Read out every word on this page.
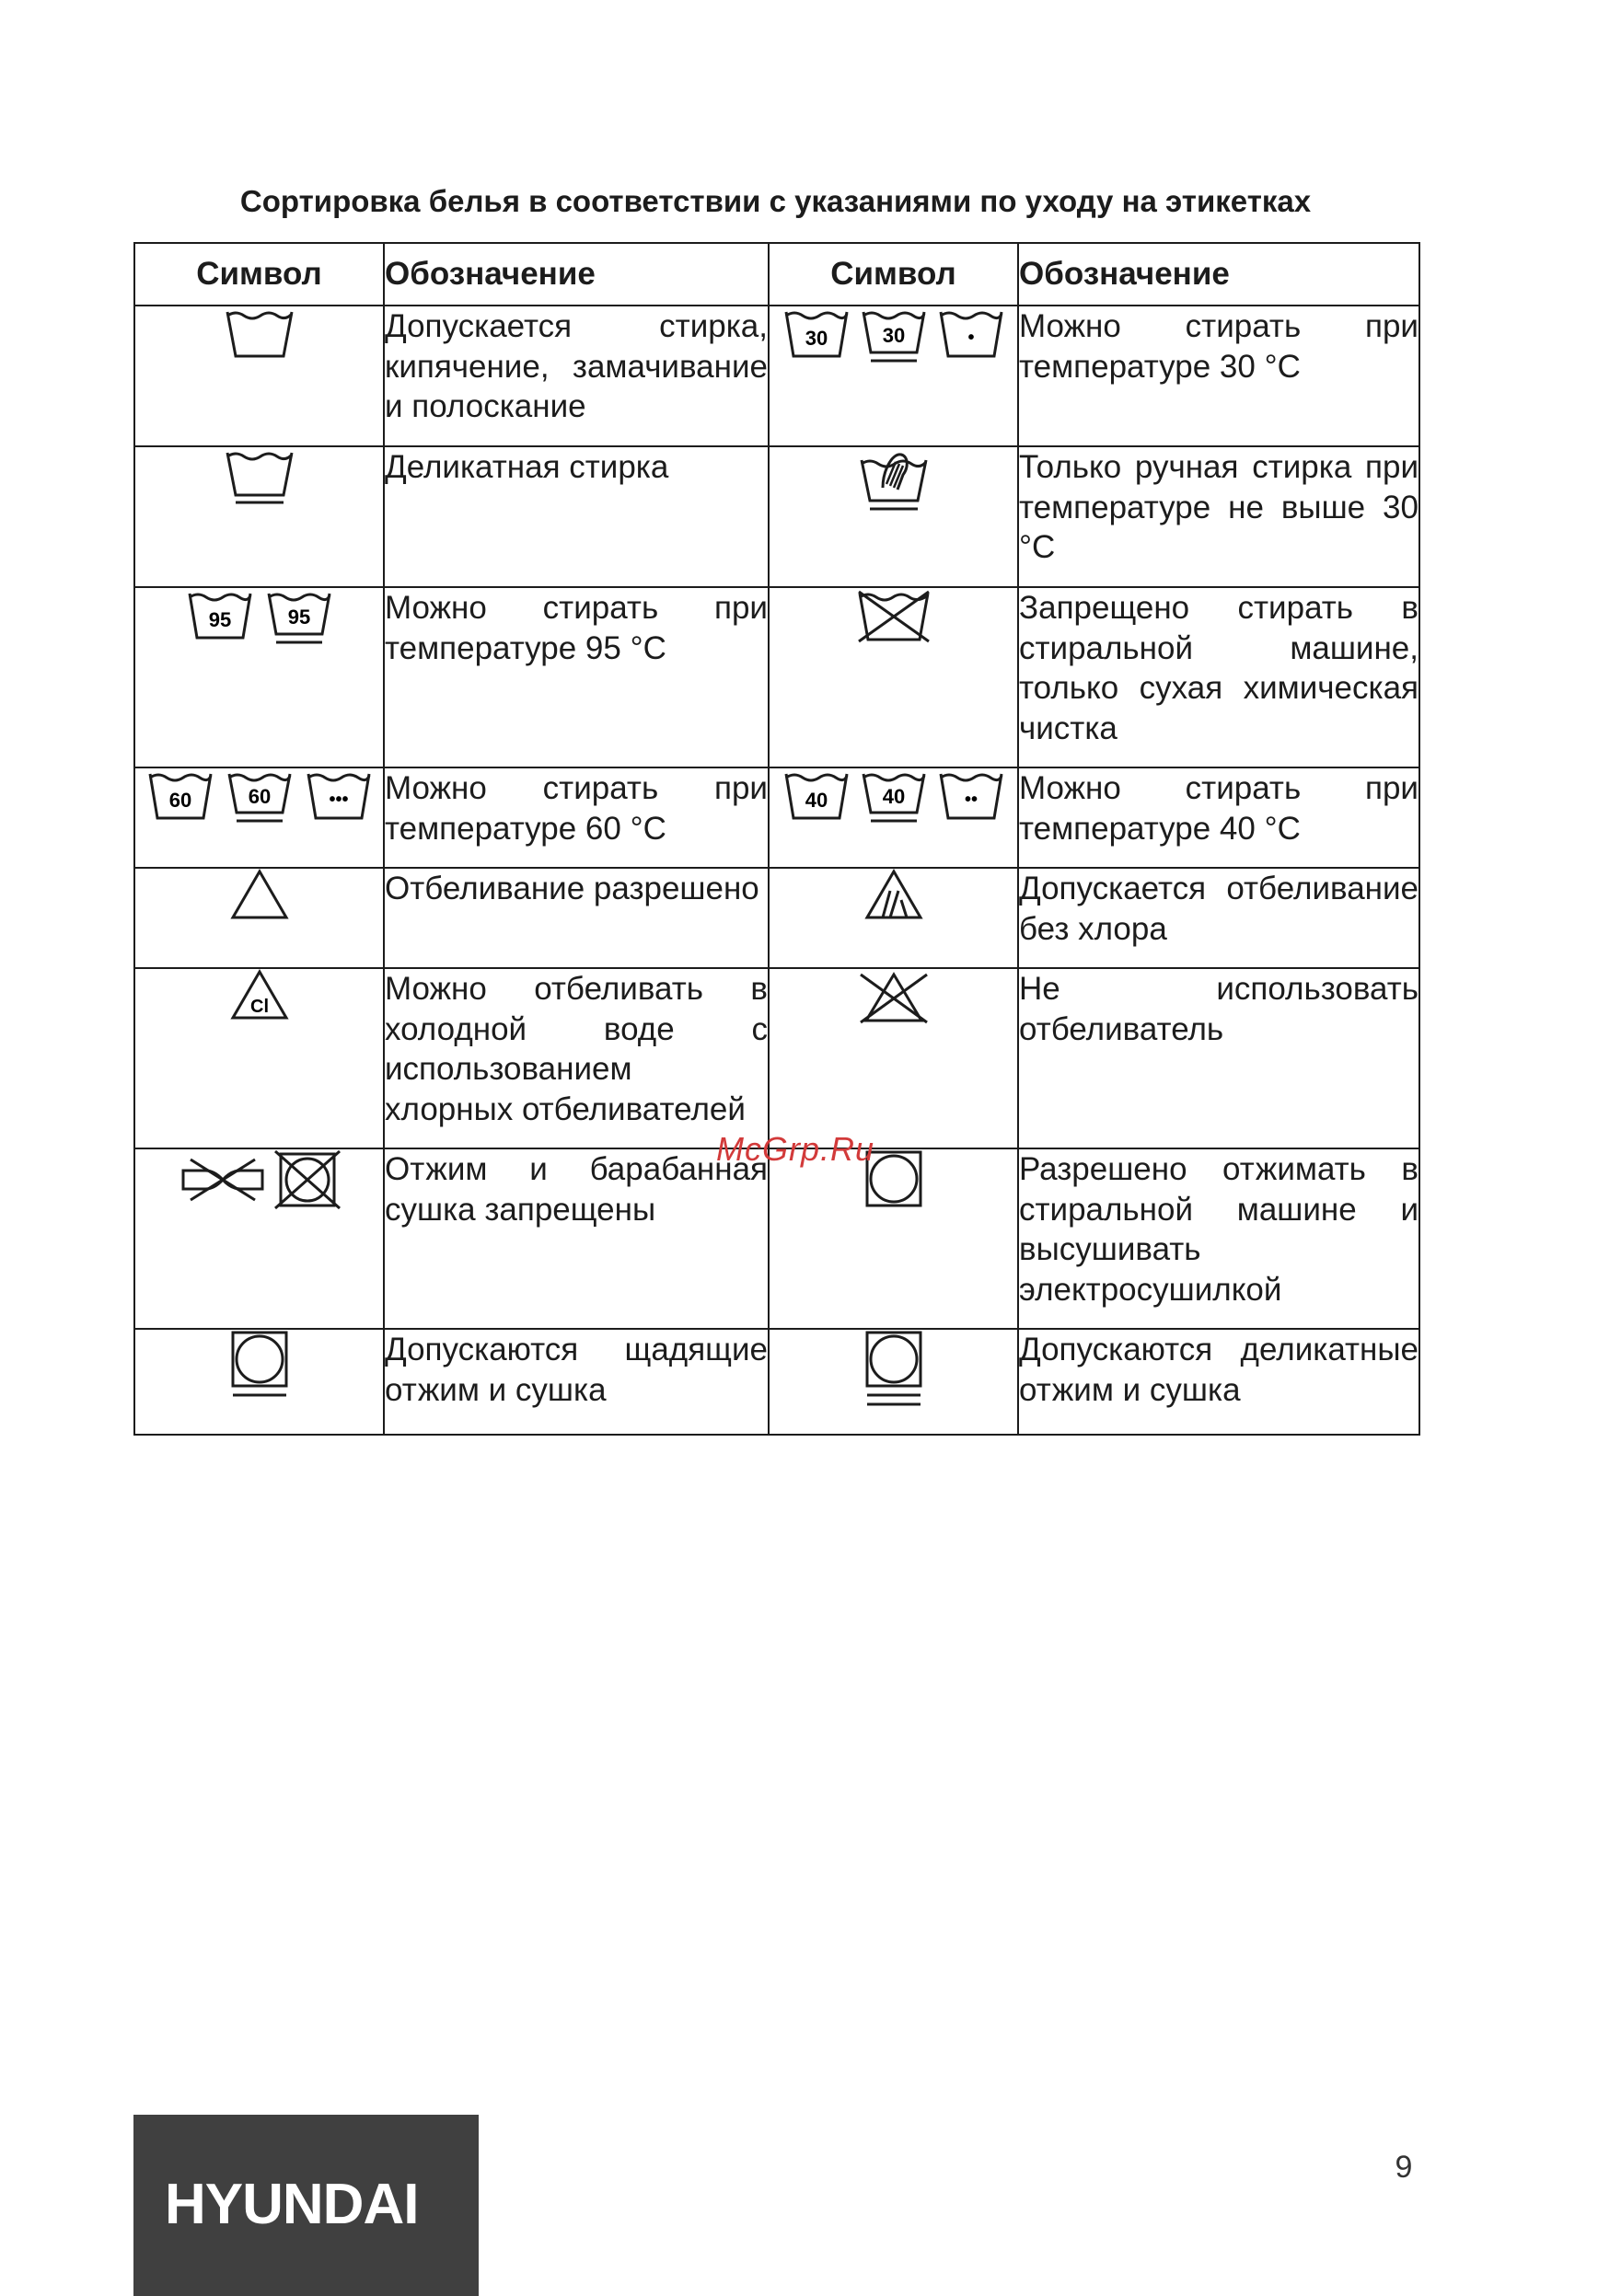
Сортировка белья в соответствии с указаниями по уходу на этикетках
Символ	Обозначение	Символ	Обозначение

	Допускается стирка, кипячение, замачивание и полоскание	30 30 •	Можно стирать при температуре 30 °C

	Деликатная стирка		Только ручная стирка при температуре не выше 30 °C

95 95	Можно стирать при температуре 95 °C		Запрещено стирать в стиральной машине, только сухая химическая чистка

60 60 •••	Можно стирать при температуре 60 °C	40 40 ••	Можно стирать при температуре 40 °C

	Отбеливание разрешено		Допускается отбеливание без хлора

Cl	Можно отбеливать в холодной воде с использованием хлорных отбеливателей		Не использовать отбеливатель

	Отжим и барабанная сушка запрещены		Разрешено отжимать в стиральной машине и высушивать электросушилкой

	Допускаются щадящие отжим и сушка		Допускаются деликатные отжим и сушка
McGrp.Ru
HYUNDAI
9
